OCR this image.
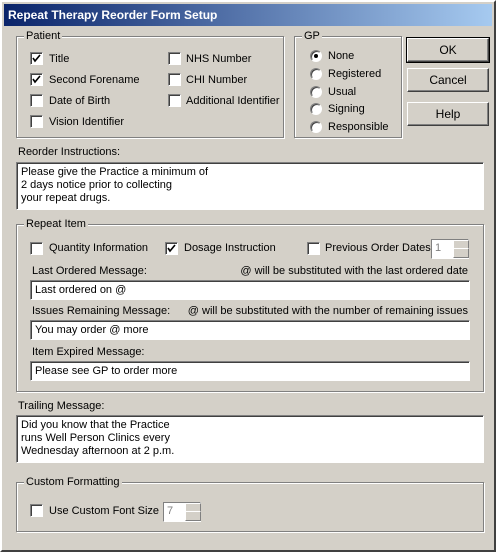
Repeat Therapy Reorder Form Setup
Patient
Title
Second Forename
Date of Birth
Vision Identifier
NHS Number
CHI Number
Additional Identifier
GP
None
Registered
Usual
Signing
Responsible
OK
Cancel
Help
Reorder Instructions:
Please give the Practice a minimum of
2 days notice prior to collecting
your repeat drugs.
Repeat Item
Quantity Information	Dosage Instruction	Previous Order Dates 1
Last Ordered Message:	@ will be substituted with the last ordered date
Last ordered on @
Issues Remaining Message: @ will be substituted with the number of remaining issues
You may order @ more
Item Expired Message:
Please see GP to order more
Trailing Message:
Did you know that the Practice
runs Well Person Clinics every
Wednesday afternoon at 2 p.m.
Custom Formatting
Use Custom Font Size 7
